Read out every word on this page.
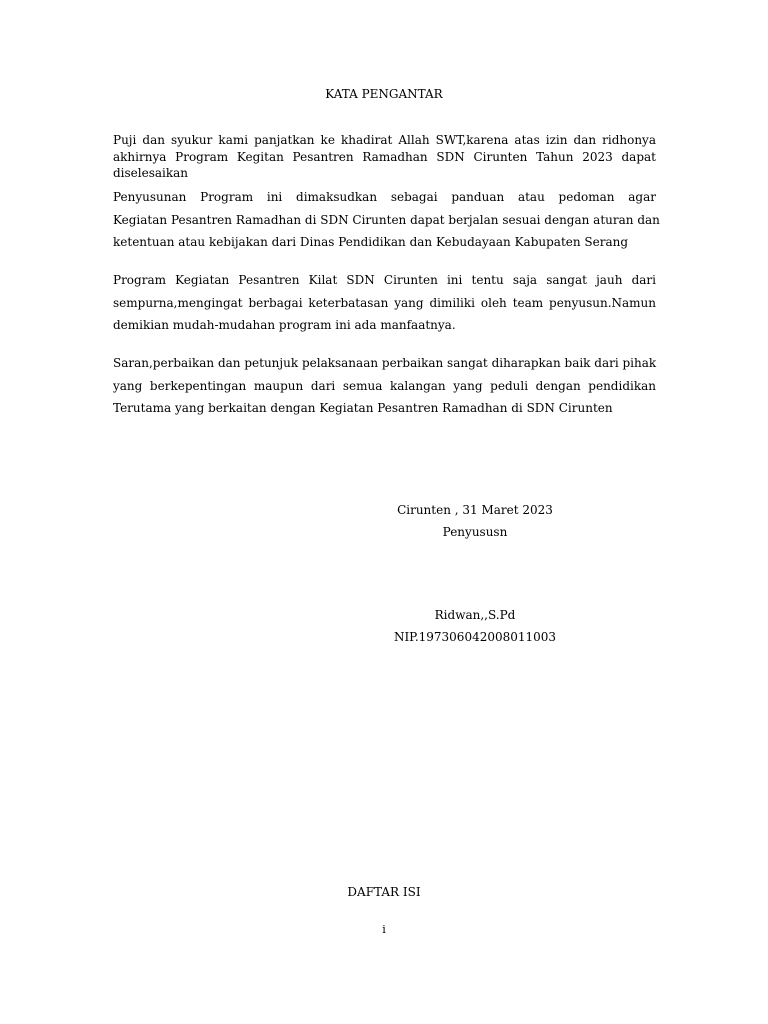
KATA PENGANTAR
Puji dan syukur kami panjatkan ke khadirat Allah SWT,karena atas izin dan ridhonya
akhirnya Program Kegitan Pesantren Ramadhan SDN Cirunten Tahun 2023 dapat
diselesaikan
Penyusunan Program ini dimaksudkan sebagai panduan atau pedoman agar
Kegiatan Pesantren Ramadhan di SDN Cirunten dapat berjalan sesuai dengan aturan dan
ketentuan atau kebijakan dari Dinas Pendidikan dan Kebudayaan Kabupaten Serang
Program Kegiatan Pesantren Kilat SDN Cirunten ini tentu saja sangat jauh dari
sempurna,mengingat berbagai keterbatasan yang dimiliki oleh team penyusun.Namun
demikian mudah-mudahan program ini ada manfaatnya.
Saran,perbaikan dan petunjuk pelaksanaan perbaikan sangat diharapkan baik dari pihak
yang berkepentingan maupun dari semua kalangan yang peduli dengan pendidikan
Terutama yang berkaitan dengan Kegiatan Pesantren Ramadhan di SDN Cirunten
Cirunten , 31 Maret 2023
Penyususn
Ridwan,,S.Pd
NIP.197306042008011003
DAFTAR ISI
i
